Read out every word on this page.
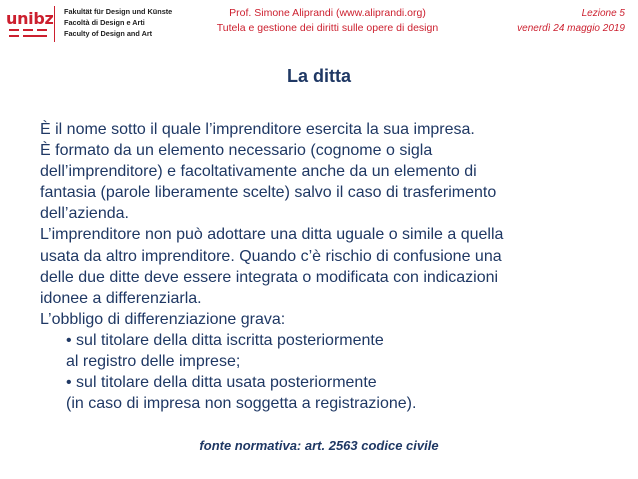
unibz Fakultät für Design und Künste
Facoltà di Design e Arti
Faculty of Design and Art
Prof. Simone Aliprandi (www.aliprandi.org)
Tutela e gestione dei diritti sulle opere di design
Lezione 5
venerdì 24 maggio 2019
La ditta

È il nome sotto il quale l’imprenditore esercita la sua impresa.

È formato da un elemento necessario (cognome o sigla

dell’imprenditore) e facoltativamente anche da un elemento di

fantasia (parole liberamente scelte) salvo il caso di trasferimento

dell’azienda.

L’imprenditore non può adottare una ditta uguale o simile a quella

usata da altro imprenditore. Quando c’è rischio di confusione una

delle due ditte deve essere integrata o modificata con indicazioni

idonee a differenziarla.

L’obbligo di differenziazione grava:

• sul titolare della ditta iscritta posteriormente

al registro delle imprese;

• sul titolare della ditta usata posteriormente

(in caso di impresa non soggetta a registrazione).

fonte normativa: art. 2563 codice civile
